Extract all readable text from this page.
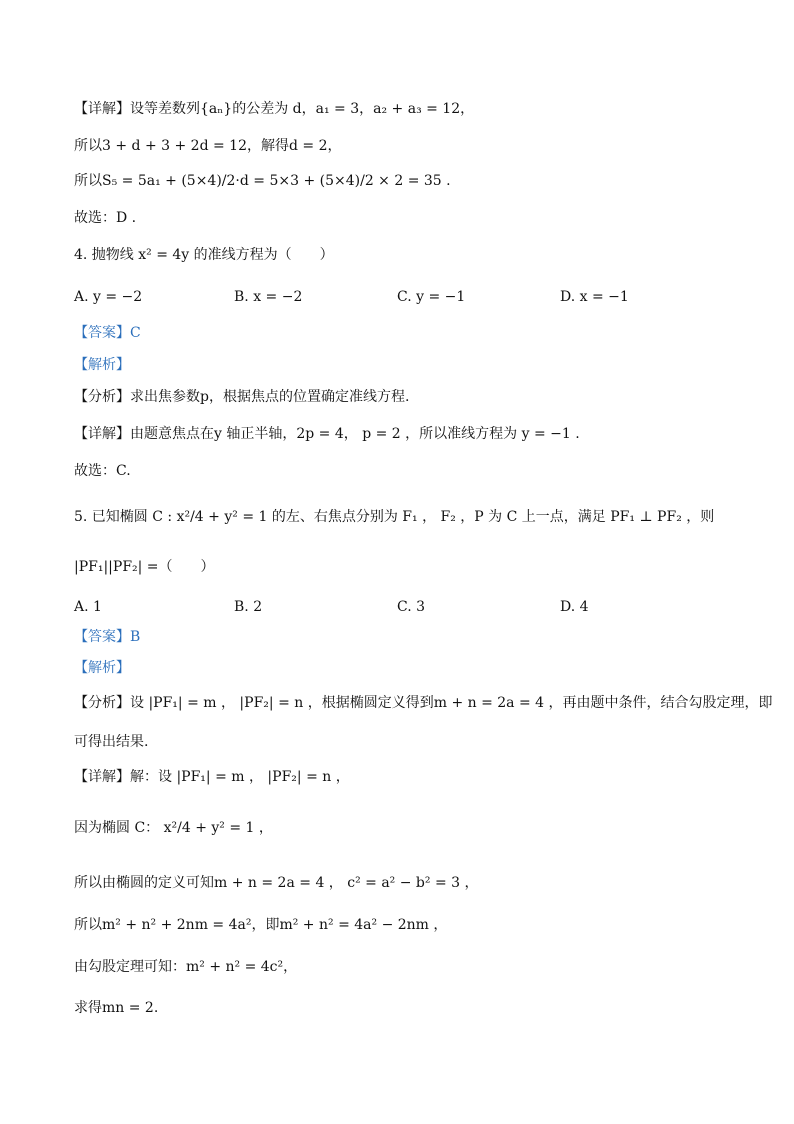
【详解】设等差数列{aₙ}的公差为 d，a₁ = 3，a₂ + a₃ = 12，
所以3 + d + 3 + 2d = 12，解得d = 2，
所以S₅ = 5a₁ + (5×4)/2·d = 5×3 + (5×4)/2 × 2 = 35 .
故选：D .
4. 抛物线 x² = 4y 的准线方程为（　　）
A. y = −2	B. x = −2	C. y = −1	D. x = −1
【答案】C
【解析】
【分析】求出焦参数p，根据焦点的位置确定准线方程.
【详解】由题意焦点在y 轴正半轴，2p = 4， p = 2 ，所以准线方程为 y = −1 .
故选：C.
5. 已知椭圆 C : x²/4 + y² = 1 的左、右焦点分别为 F₁ ， F₂ ，P 为 C 上一点，满足 PF₁ ⊥ PF₂ ，则
|PF₁||PF₂| =（　　）
A. 1	B. 2	C. 3	D. 4
【答案】B
【解析】
【分析】设 |PF₁| = m ， |PF₂| = n ，根据椭圆定义得到m + n = 2a = 4 ，再由题中条件，结合勾股定理，即
可得出结果.
【详解】解：设 |PF₁| = m ， |PF₂| = n ，
因为椭圆 C： x²/4 + y² = 1 ，
所以由椭圆的定义可知m + n = 2a = 4 ， c² = a² − b² = 3 ，
所以m² + n² + 2nm = 4a²，即m² + n² = 4a² − 2nm ，
由勾股定理可知：m² + n² = 4c²，
求得mn = 2.
